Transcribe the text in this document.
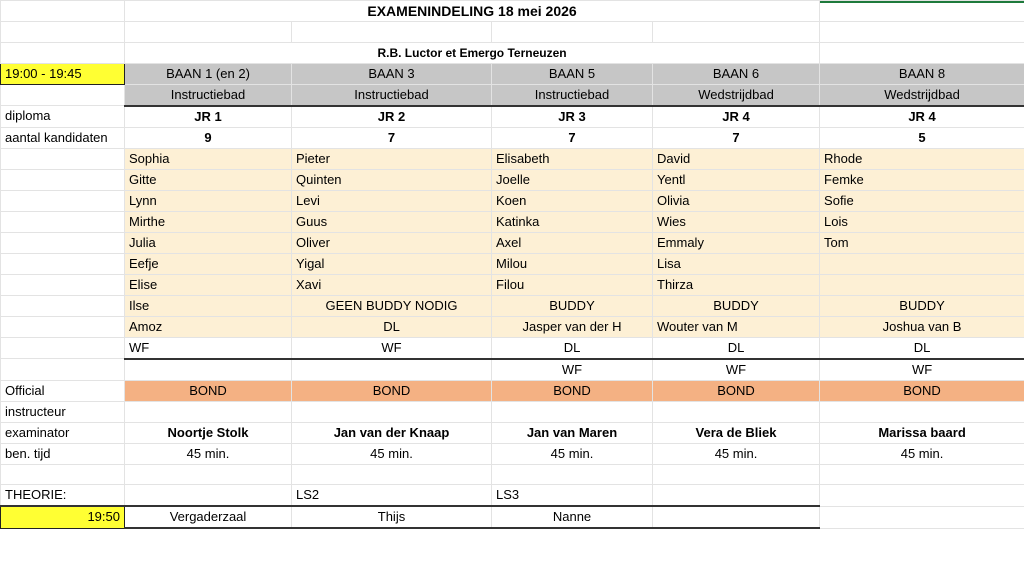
	EXAMENINDELING 18 mei 2026				

	R.B. Luctor et Emergo Terneuzen				
19:00 - 19:45	BAAN 1 (en 2)	BAAN 3	BAAN 5	BAAN 6	BAAN 8
	Instructiebad	Instructiebad	Instructiebad	Wedstrijdbad	Wedstrijdbad
diploma	JR 1	JR 2	JR 3	JR 4	JR 4
aantal kandidaten	9	7	7	7	5
	Sophia	Pieter	Elisabeth	David	Rhode
	Gitte	Quinten	Joelle	Yentl	Femke
	Lynn	Levi	Koen	Olivia	Sofie
	Mirthe	Guus	Katinka	Wies	Lois
	Julia	Oliver	Axel	Emmaly	Tom
	Eefje	Yigal	Milou	Lisa	
	Elise	Xavi	Filou	Thirza	
	Ilse	GEEN BUDDY NODIG	BUDDY	BUDDY	BUDDY
	Amoz	DL	Jasper van der H	Wouter van M	Joshua van B
	WF	WF	DL	DL	DL
			WF	WF	WF
Official	BOND	BOND	BOND	BOND	BOND
instructeur					
examinator	Noortje Stolk	Jan van der Knaap	Jan van Maren	Vera de Bliek	Marissa baard
ben. tijd	45 min.	45 min.	45 min.	45 min.	45 min.

THEORIE:		LS2	LS3		
19:50	Vergaderzaal	Thijs	Nanne		
